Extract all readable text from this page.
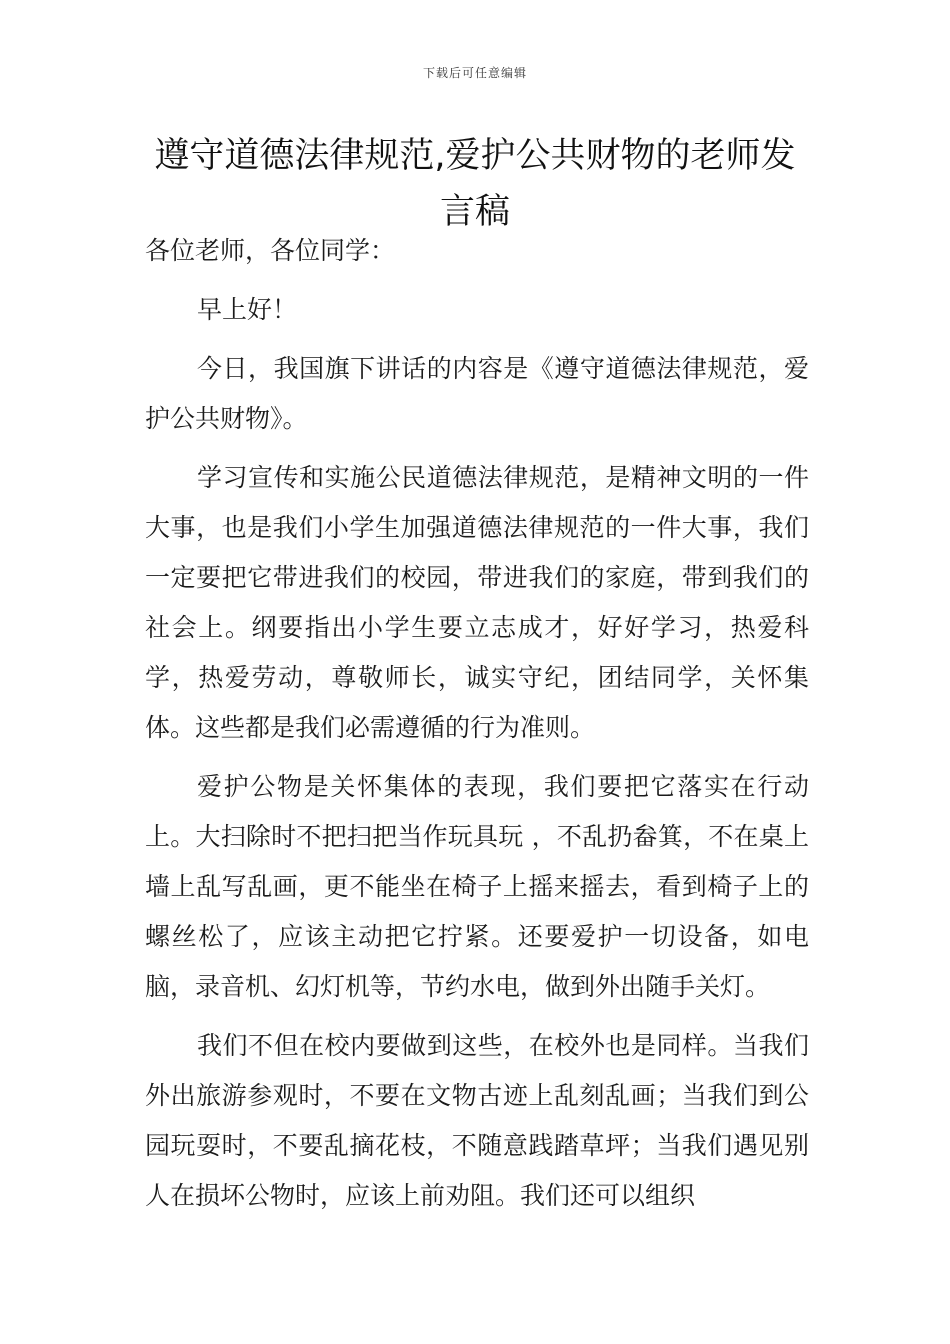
下载后可任意编辑
遵守道德法律规范,爱护公共财物的老师发言稿

各位老师，各位同学：

早上好！

今日，我国旗下讲话的内容是《遵守道德法律规范，爱护公共财物》。

学习宣传和实施公民道德法律规范，是精神文明的一件大事，也是我们小学生加强道德法律规范的一件大事，我们一定要把它带进我们的校园，带进我们的家庭，带到我们的社会上。纲要指出小学生要立志成才，好好学习，热爱科学，热爱劳动，尊敬师长，诚实守纪，团结同学，关怀集体。这些都是我们必需遵循的行为准则。

爱护公物是关怀集体的表现，我们要把它落实在行动上。大扫除时不把扫把当作玩具玩 ，不乱扔畚箕，不在桌上墙上乱写乱画，更不能坐在椅子上摇来摇去，看到椅子上的螺丝松了，应该主动把它拧紧。还要爱护一切设备，如电脑，录音机、幻灯机等，节约水电，做到外出随手关灯。

我们不但在校内要做到这些，在校外也是同样。当我们外出旅游参观时，不要在文物古迹上乱刻乱画；当我们到公园玩耍时，不要乱摘花枝，不随意践踏草坪；当我们遇见别人在损坏公物时，应该上前劝阻。我们还可以组织
